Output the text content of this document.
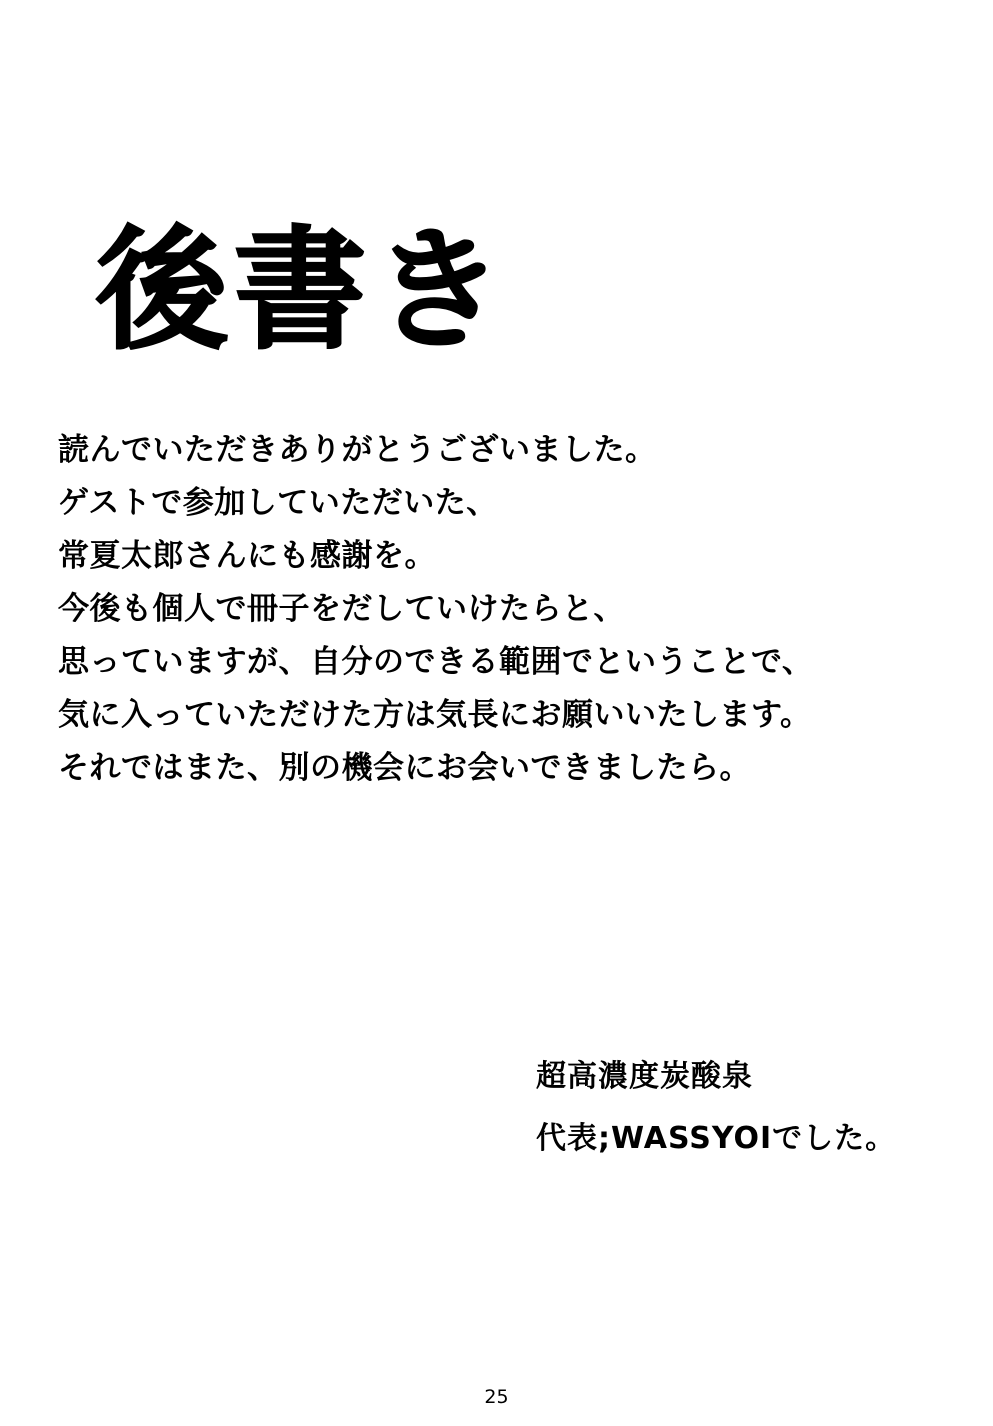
後書き
読んでいただきありがとうございました。
ゲストで参加していただいた、
常夏太郎さんにも感謝を。
今後も個人で冊子をだしていけたらと、
思っていますが、自分のできる範囲でということで、
気に入っていただけた方は気長にお願いいたします。
それではまた、別の機会にお会いできましたら。
超高濃度炭酸泉
代表;WASSYOIでした。
25
